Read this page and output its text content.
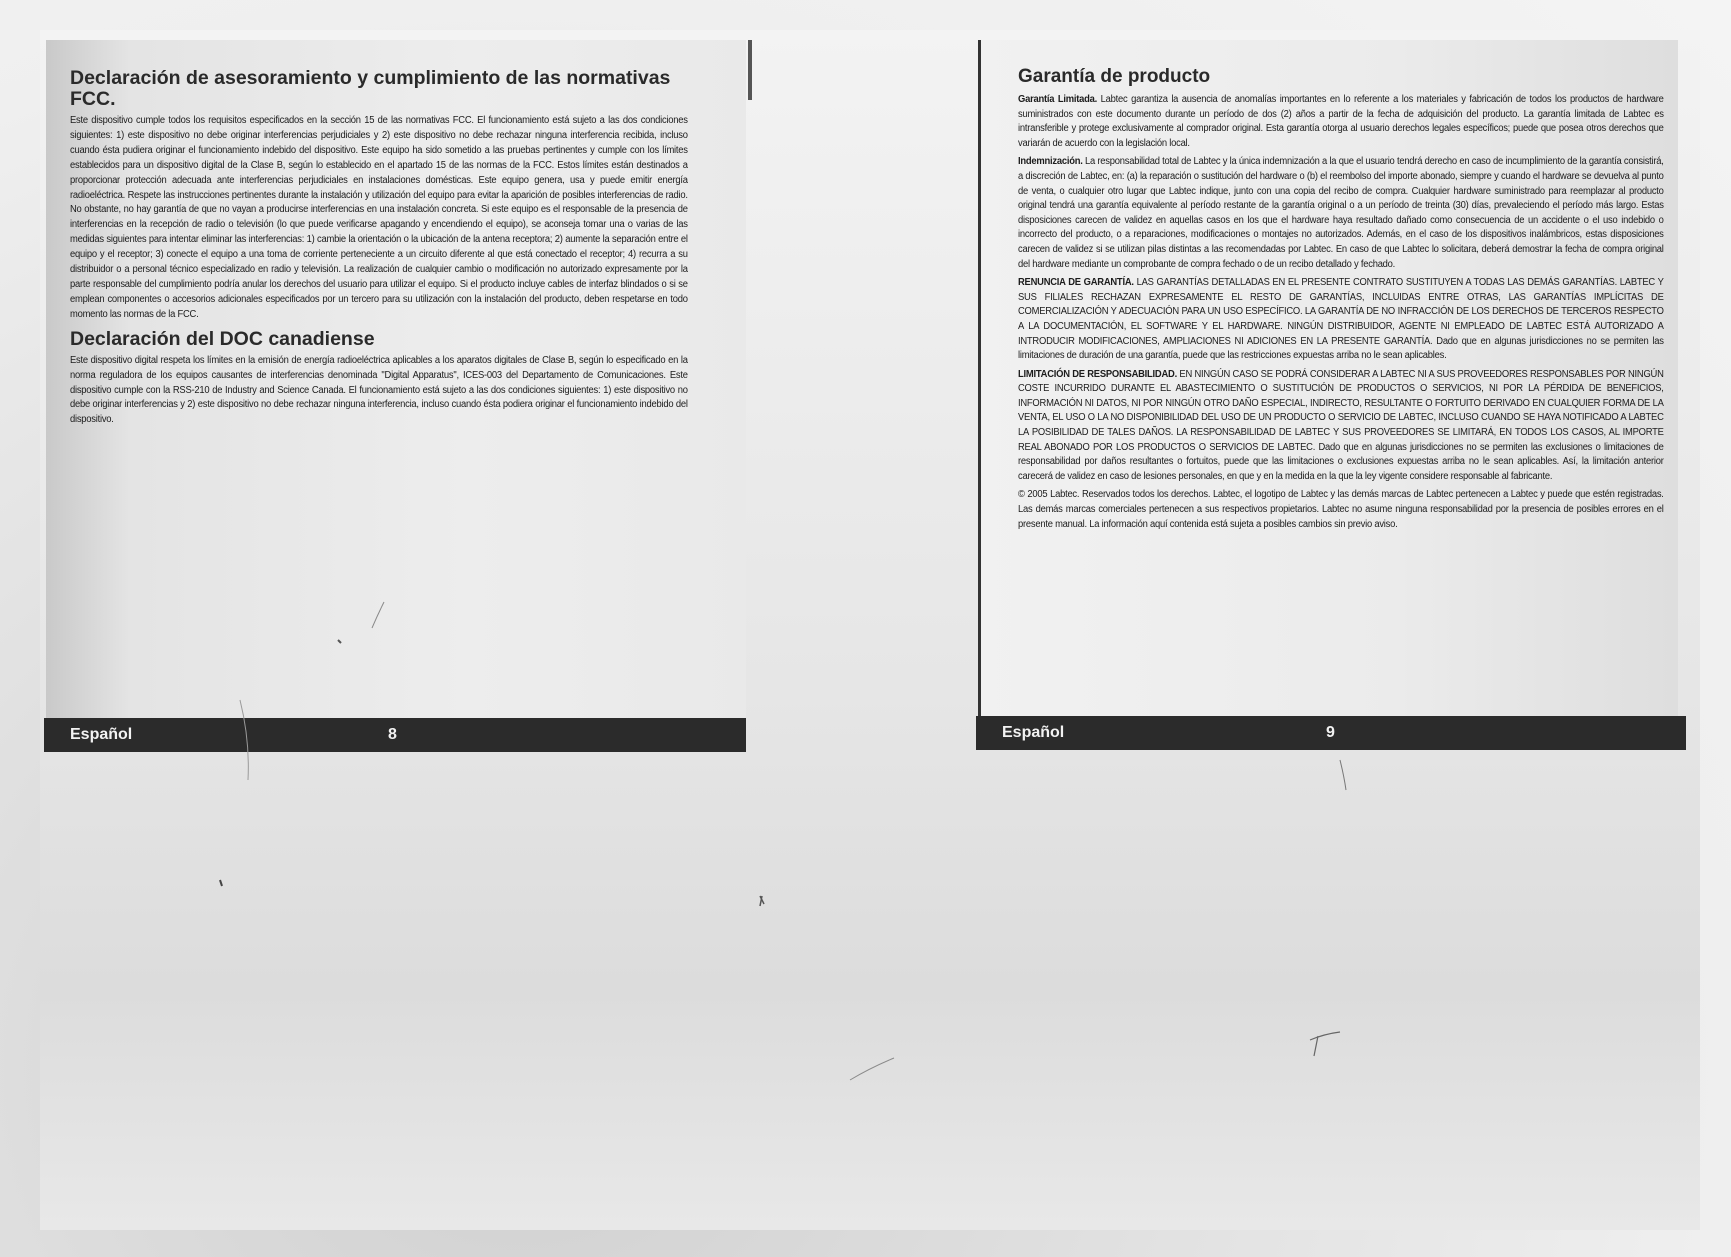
Declaración de asesoramiento y cumplimiento de las normativas FCC.

Este dispositivo cumple todos los requisitos especificados en la sección 15 de las normativas FCC. El funcionamiento está sujeto a las dos condiciones siguientes: 1) este dispositivo no debe originar interferencias perjudiciales y 2) este dispositivo no debe rechazar ninguna interferencia recibida, incluso cuando ésta pudiera originar el funcionamiento indebido del dispositivo. Este equipo ha sido sometido a las pruebas pertinentes y cumple con los límites establecidos para un dispositivo digital de la Clase B, según lo establecido en el apartado 15 de las normas de la FCC. Estos límites están destinados a proporcionar protección adecuada ante interferencias perjudiciales en instalaciones domésticas. Este equipo genera, usa y puede emitir energía radioeléctrica. Respete las instrucciones pertinentes durante la instalación y utilización del equipo para evitar la aparición de posibles interferencias de radio. No obstante, no hay garantía de que no vayan a producirse interferencias en una instalación concreta. Si este equipo es el responsable de la presencia de interferencias en la recepción de radio o televisión (lo que puede verificarse apagando y encendiendo el equipo), se aconseja tomar una o varias de las medidas siguientes para intentar eliminar las interferencias: 1) cambie la orientación o la ubicación de la antena receptora; 2) aumente la separación entre el equipo y el receptor; 3) conecte el equipo a una toma de corriente perteneciente a un circuito diferente al que está conectado el receptor; 4) recurra a su distribuidor o a personal técnico especializado en radio y televisión. La realización de cualquier cambio o modificación no autorizado expresamente por la parte responsable del cumplimiento podría anular los derechos del usuario para utilizar el equipo. Si el producto incluye cables de interfaz blindados o si se emplean componentes o accesorios adicionales especificados por un tercero para su utilización con la instalación del producto, deben respetarse en todo momento las normas de la FCC.

Declaración del DOC canadiense

Este dispositivo digital respeta los límites en la emisión de energía radioeléctrica aplicables a los aparatos digitales de Clase B, según lo especificado en la norma reguladora de los equipos causantes de interferencias denominada "Digital Apparatus", ICES-003 del Departamento de Comunicaciones. Este dispositivo cumple con la RSS-210 de Industry and Science Canada. El funcionamiento está sujeto a las dos condiciones siguientes: 1) este dispositivo no debe originar interferencias y 2) este dispositivo no debe rechazar ninguna interferencia, incluso cuando ésta podiera originar el funcionamiento indebido del dispositivo.

Español	8
Garantía de producto

Garantía Limitada. Labtec garantiza la ausencia de anomalías importantes en lo referente a los materiales y fabricación de todos los productos de hardware suministrados con este documento durante un período de dos (2) años a partir de la fecha de adquisición del producto. La garantía limitada de Labtec es intransferible y protege exclusivamente al comprador original. Esta garantía otorga al usuario derechos legales específicos; puede que posea otros derechos que variarán de acuerdo con la legislación local.

Indemnización. La responsabilidad total de Labtec y la única indemnización a la que el usuario tendrá derecho en caso de incumplimiento de la garantía consistirá, a discreción de Labtec, en: (a) la reparación o sustitución del hardware o (b) el reembolso del importe abonado, siempre y cuando el hardware se devuelva al punto de venta, o cualquier otro lugar que Labtec indique, junto con una copia del recibo de compra. Cualquier hardware suministrado para reemplazar al producto original tendrá una garantía equivalente al período restante de la garantía original o a un período de treinta (30) días, prevaleciendo el período más largo. Estas disposiciones carecen de validez en aquellas casos en los que el hardware haya resultado dañado como consecuencia de un accidente o el uso indebido o incorrecto del producto, o a reparaciones, modificaciones o montajes no autorizados. Además, en el caso de los dispositivos inalámbricos, estas disposiciones carecen de validez si se utilizan pilas distintas a las recomendadas por Labtec. En caso de que Labtec lo solicitara, deberá demostrar la fecha de compra original del hardware mediante un comprobante de compra fechado o de un recibo detallado y fechado.

RENUNCIA DE GARANTÍA. LAS GARANTÍAS DETALLADAS EN EL PRESENTE CONTRATO SUSTITUYEN A TODAS LAS DEMÁS GARANTÍAS. LABTEC Y SUS FILIALES RECHAZAN EXPRESAMENTE EL RESTO DE GARANTÍAS, INCLUIDAS ENTRE OTRAS, LAS GARANTÍAS IMPLÍCITAS DE COMERCIALIZACIÓN Y ADECUACIÓN PARA UN USO ESPECÍFICO. LA GARANTÍA DE NO INFRACCIÓN DE LOS DERECHOS DE TERCEROS RESPECTO A LA DOCUMENTACIÓN, EL SOFTWARE Y EL HARDWARE. NINGÚN DISTRIBUIDOR, AGENTE NI EMPLEADO DE LABTEC ESTÁ AUTORIZADO A INTRODUCIR MODIFICACIONES, AMPLIACIONES NI ADICIONES EN LA PRESENTE GARANTÍA. Dado que en algunas jurisdicciones no se permiten las limitaciones de duración de una garantía, puede que las restricciones expuestas arriba no le sean aplicables.

LIMITACIÓN DE RESPONSABILIDAD. EN NINGÚN CASO SE PODRÁ CONSIDERAR A LABTEC NI A SUS PROVEEDORES RESPONSABLES POR NINGÚN COSTE INCURRIDO DURANTE EL ABASTECIMIENTO O SUSTITUCIÓN DE PRODUCTOS O SERVICIOS, NI POR LA PÉRDIDA DE BENEFICIOS, INFORMACIÓN NI DATOS, NI POR NINGÚN OTRO DAÑO ESPECIAL, INDIRECTO, RESULTANTE O FORTUITO DERIVADO EN CUALQUIER FORMA DE LA VENTA, EL USO O LA NO DISPONIBILIDAD DEL USO DE UN PRODUCTO O SERVICIO DE LABTEC, INCLUSO CUANDO SE HAYA NOTIFICADO A LABTEC LA POSIBILIDAD DE TALES DAÑOS. LA RESPONSABILIDAD DE LABTEC Y SUS PROVEEDORES SE LIMITARÁ, EN TODOS LOS CASOS, AL IMPORTE REAL ABONADO POR LOS PRODUCTOS O SERVICIOS DE LABTEC. Dado que en algunas jurisdicciones no se permiten las exclusiones o limitaciones de responsabilidad por daños resultantes o fortuitos, puede que las limitaciones o exclusiones expuestas arriba no le sean aplicables. Así, la limitación anterior carecerá de validez en caso de lesiones personales, en que y en la medida en la que la ley vigente considere responsable al fabricante.

© 2005 Labtec. Reservados todos los derechos. Labtec, el logotipo de Labtec y las demás marcas de Labtec pertenecen a Labtec y puede que estén registradas. Las demás marcas comerciales pertenecen a sus respectivos propietarios. Labtec no asume ninguna responsabilidad por la presencia de posibles errores en el presente manual. La información aquí contenida está sujeta a posibles cambios sin previo aviso.

Español	9
